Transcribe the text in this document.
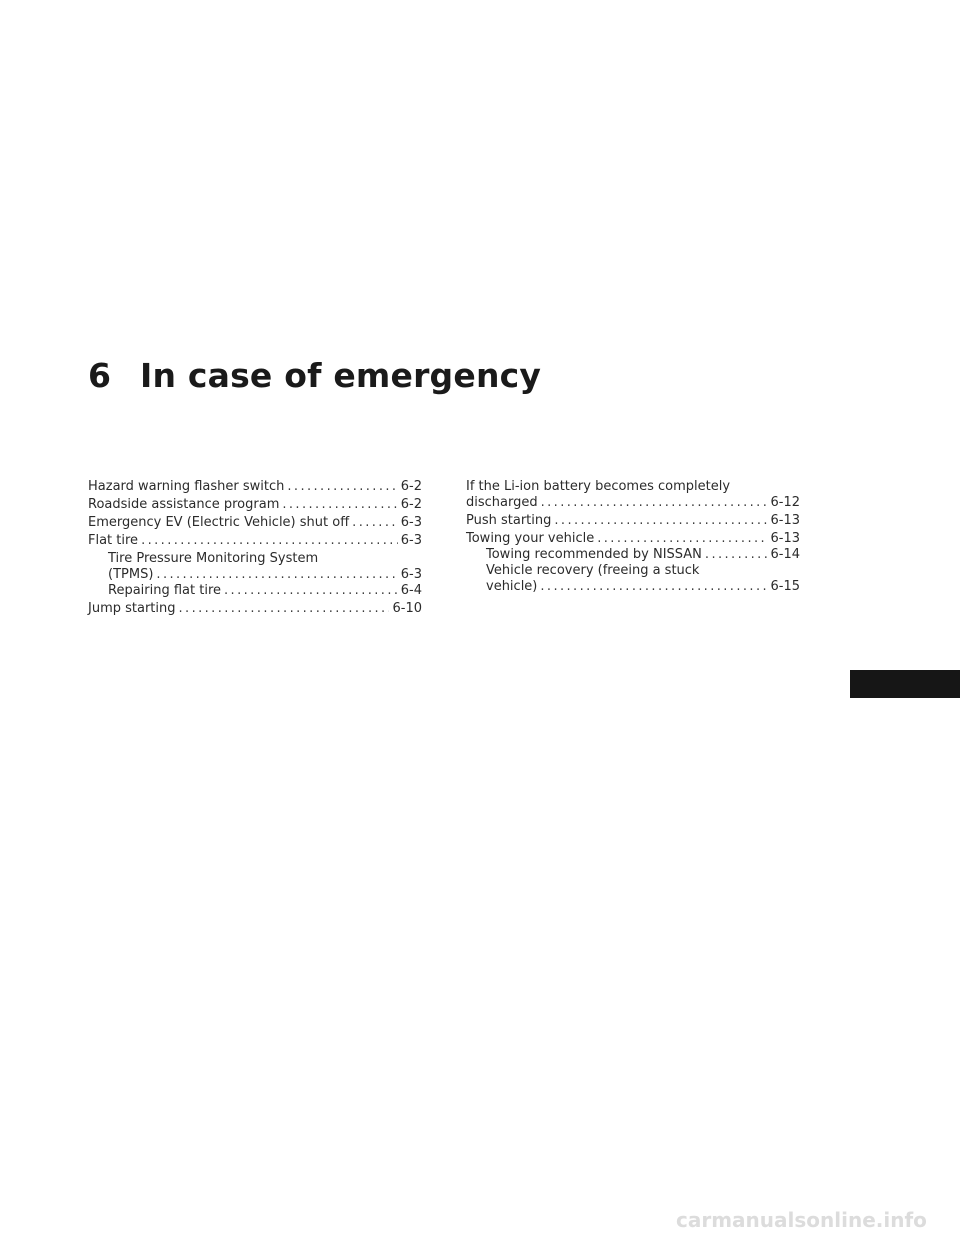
6 In case of emergency
Hazard warning flasher switch .....	6-2
Roadside assistance program .....	6-2
Emergency EV (Electric Vehicle) shut off .....	6-3
Flat tire .....	6-3
Tire Pressure Monitoring System
(TPMS) .....	6-3
Repairing flat tire .....	6-4
Jump starting .....	6-10
If the Li-ion battery becomes completely
discharged .....	6-12
Push starting .....	6-13
Towing your vehicle .....	6-13
Towing recommended by NISSAN .....	6-14
Vehicle recovery (freeing a stuck
vehicle) .....	6-15
carmanualsonline.info
